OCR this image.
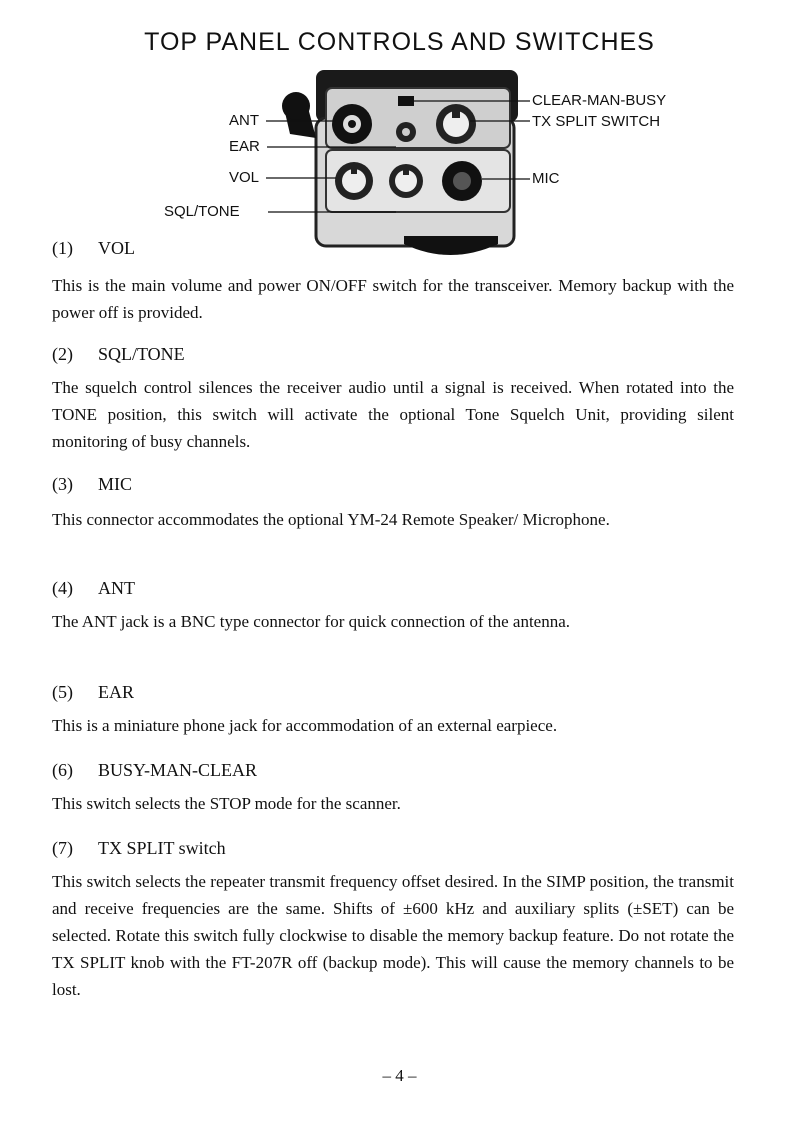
TOP PANEL CONTROLS AND SWITCHES
ANT
EAR
VOL
SQL/TONE
CLEAR-MAN-BUSY
TX SPLIT SWITCH
MIC
(1) VOL
This is the main volume and power ON/OFF switch for the transceiver. Memory backup with the power off is provided.
(2) SQL/TONE
The squelch control silences the receiver audio until a signal is received. When rotated into the TONE position, this switch will activate the optional Tone Squelch Unit, providing silent monitoring of busy channels.
(3) MIC
This connector accommodates the optional YM-24 Remote Speaker/ Microphone.
(4) ANT
The ANT jack is a BNC type connector for quick connection of the antenna.
(5) EAR
This is a miniature phone jack for accommodation of an external earpiece.
(6) BUSY-MAN-CLEAR
This switch selects the STOP mode for the scanner.
(7) TX SPLIT switch
This switch selects the repeater transmit frequency offset desired. In the SIMP position, the transmit and receive frequencies are the same. Shifts of ±600 kHz and auxiliary splits (±SET) can be selected. Rotate this switch fully clockwise to disable the memory backup feature. Do not rotate the TX SPLIT knob with the FT-207R off (backup mode). This will cause the memory channels to be lost.
– 4 –
